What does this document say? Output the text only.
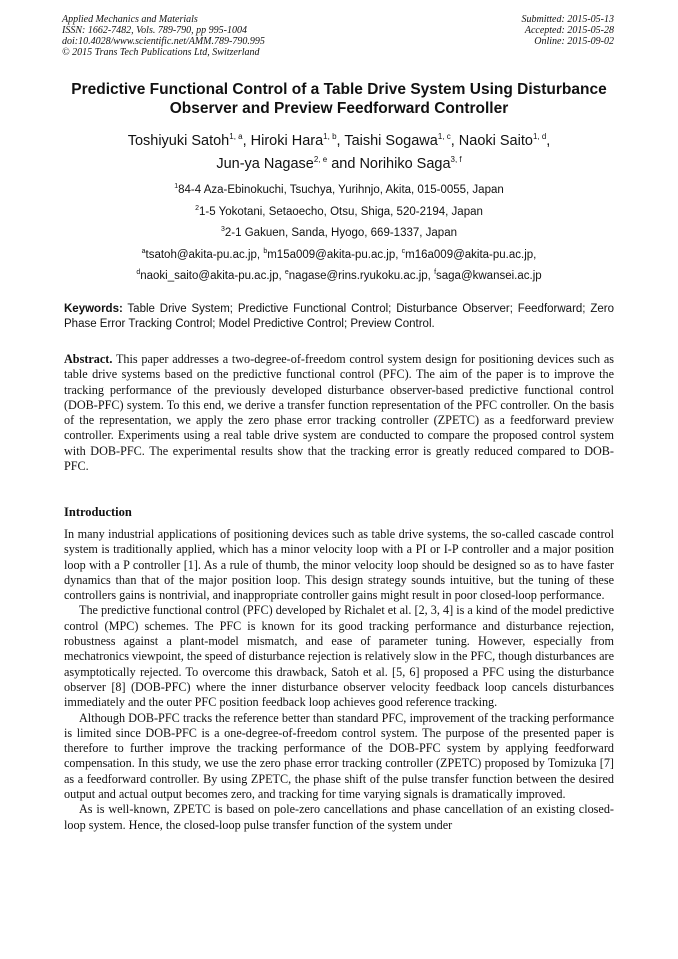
Applied Mechanics and Materials
ISSN: 1662-7482, Vols. 789-790, pp 995-1004
doi:10.4028/www.scientific.net/AMM.789-790.995
© 2015 Trans Tech Publications Ltd, Switzerland
Submitted: 2015-05-13
Accepted: 2015-05-28
Online: 2015-09-02
Predictive Functional Control of a Table Drive System Using Disturbance Observer and Preview Feedforward Controller
Toshiyuki Satoh$^{1, a}$, Hiroki Hara$^{1, b}$, Taishi Sogawa$^{1, c}$, Naoki Saito$^{1, d}$,
Jun-ya Nagase$^{2, e}$ and Norihiko Saga$^{3, f}$
$^1$84-4 Aza-Ebinokuchi, Tsuchya, Yurihnjo, Akita, 015-0055, Japan
$^2$1-5 Yokotani, Setaoecho, Otsu, Shiga, 520-2194, Japan
$^3$2-1 Gakuen, Sanda, Hyogo, 669-1337, Japan
$^a$tsatoh@akita-pu.ac.jp, $^b$m15a009@akita-pu.ac.jp, $^c$m16a009@akita-pu.ac.jp,
$^d$naoki_saito@akita-pu.ac.jp, $^e$nagase@rins.ryukoku.ac.jp, $^f$saga@kwansei.ac.jp
Keywords: Table Drive System; Predictive Functional Control; Disturbance Observer; Feedforward; Zero Phase Error Tracking Control; Model Predictive Control; Preview Control.
Abstract. This paper addresses a two-degree-of-freedom control system design for positioning devices such as table drive systems based on the predictive functional control (PFC). The aim of the paper is to improve the tracking performance of the previously developed disturbance observer-based predictive functional control (DOB-PFC) system. To this end, we derive a transfer function representation of the PFC controller. On the basis of the representation, we apply the zero phase error tracking controller (ZPETC) as a feedforward preview controller. Experiments using a real table drive system are conducted to compare the proposed control system with DOB-PFC. The experimental results show that the tracking error is greatly reduced compared to DOB-PFC.
Introduction

In many industrial applications of positioning devices such as table drive systems, the so-called cascade control system is traditionally applied, which has a minor velocity loop with a PI or I-P controller and a major position loop with a P controller [1]. As a rule of thumb, the minor velocity loop should be designed so as to have faster dynamics than that of the major position loop. This design strategy sounds intuitive, but the tuning of these controllers gains is nontrivial, and inappropriate controller gains might result in poor closed-loop performance.

The predictive functional control (PFC) developed by Richalet et al. [2, 3, 4] is a kind of the model predictive control (MPC) schemes. The PFC is known for its good tracking performance and disturbance rejection, robustness against a plant-model mismatch, and ease of parameter tuning. However, especially from mechatronics viewpoint, the speed of disturbance rejection is relatively slow in the PFC, though disturbances are asymptotically rejected. To overcome this drawback, Satoh et al. [5, 6] proposed a PFC using the disturbance observer [8] (DOB-PFC) where the inner disturbance observer velocity feedback loop cancels disturbances immediately and the outer PFC position feedback loop achieves good reference tracking.

Although DOB-PFC tracks the reference better than standard PFC, improvement of the tracking performance is limited since DOB-PFC is a one-degree-of-freedom control system. The purpose of the presented paper is therefore to further improve the tracking performance of the DOB-PFC system by applying feedforward compensation. In this study, we use the zero phase error tracking controller (ZPETC) proposed by Tomizuka [7] as a feedforward controller. By using ZPETC, the phase shift of the pulse transfer function between the desired output and actual output becomes zero, and tracking for time varying signals is dramatically improved.

As is well-known, ZPETC is based on pole-zero cancellations and phase cancellation of an existing closed-loop system. Hence, the closed-loop pulse transfer function of the system under
